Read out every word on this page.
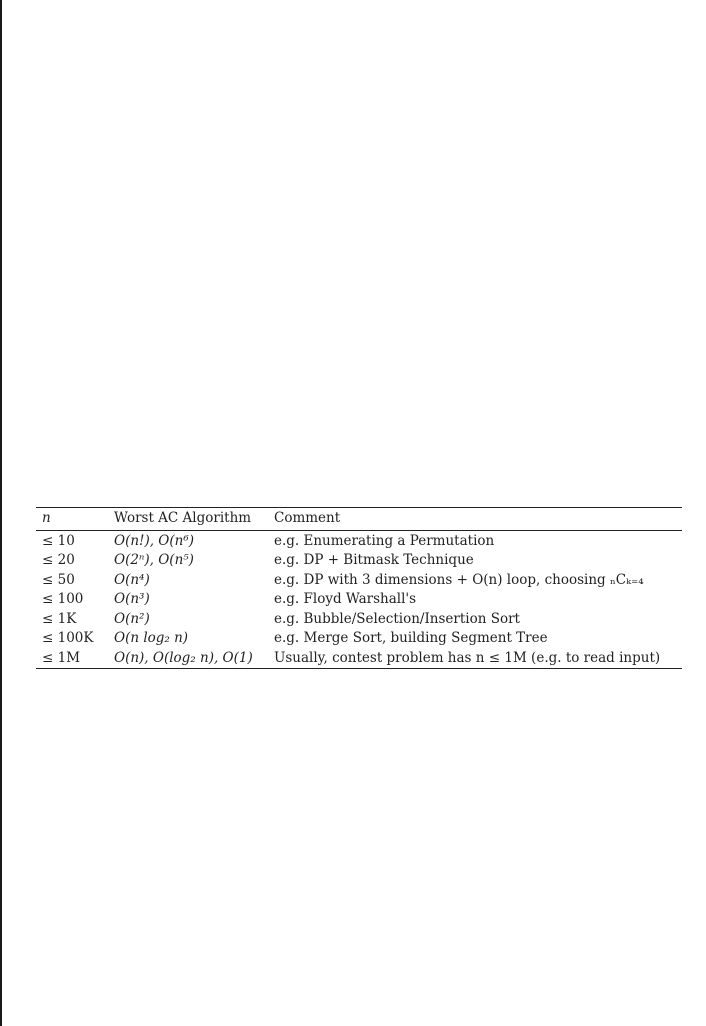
n	Worst AC Algorithm	Comment
≤ 10	O(n!), O(n⁶)	e.g. Enumerating a Permutation
≤ 20	O(2ⁿ), O(n⁵)	e.g. DP + Bitmask Technique
≤ 50	O(n⁴)	e.g. DP with 3 dimensions + O(n) loop, choosing ₙCₖ₌₄
≤ 100	O(n³)	e.g. Floyd Warshall's
≤ 1K	O(n²)	e.g. Bubble/Selection/Insertion Sort
≤ 100K	O(n log₂ n)	e.g. Merge Sort, building Segment Tree
≤ 1M	O(n), O(log₂ n), O(1)	Usually, contest problem has n ≤ 1M (e.g. to read input)
